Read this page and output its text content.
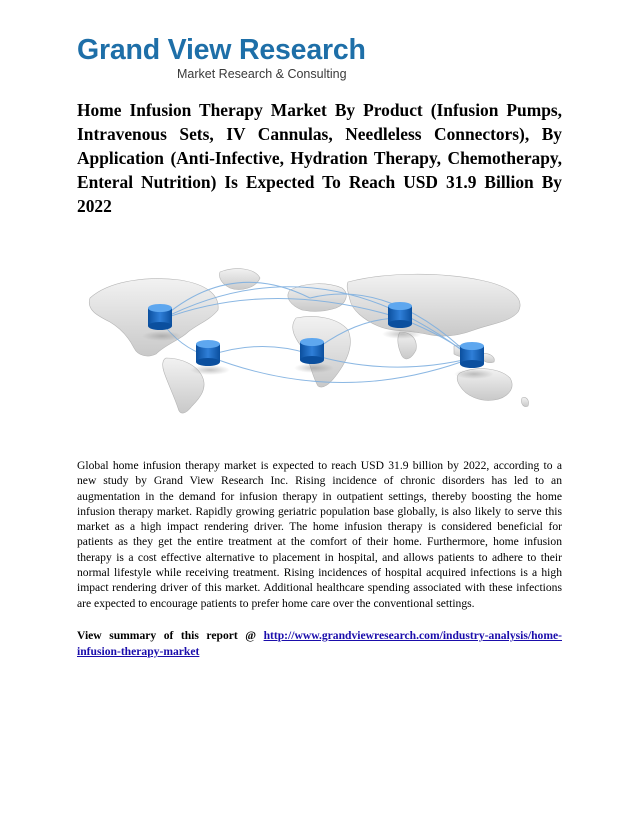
Grand View Research
Market Research & Consulting
Home Infusion Therapy Market By Product (Infusion Pumps, Intravenous Sets, IV Cannulas, Needleless Connectors), By Application (Anti-Infective, Hydration Therapy, Chemotherapy, Enteral Nutrition) Is Expected To Reach USD 31.9 Billion By 2022

Global home infusion therapy market is expected to reach USD 31.9 billion by 2022, according to a new study by Grand View Research Inc. Rising incidence of chronic disorders has led to an augmentation in the demand for infusion therapy in outpatient settings, thereby boosting the home infusion therapy market. Rapidly growing geriatric population base globally, is also likely to serve this market as a high impact rendering driver. The home infusion therapy is considered beneficial for patients as they get the entire treatment at the comfort of their home. Furthermore, home infusion therapy is a cost effective alternative to placement in hospital, and allows patients to adhere to their normal lifestyle while receiving treatment. Rising incidences of hospital acquired infections is a high impact rendering driver of this market. Additional healthcare spending associated with these infections are expected to encourage patients to prefer home care over the conventional settings.

View summary of this report @ http://www.grandviewresearch.com/industry-analysis/home-infusion-therapy-market
